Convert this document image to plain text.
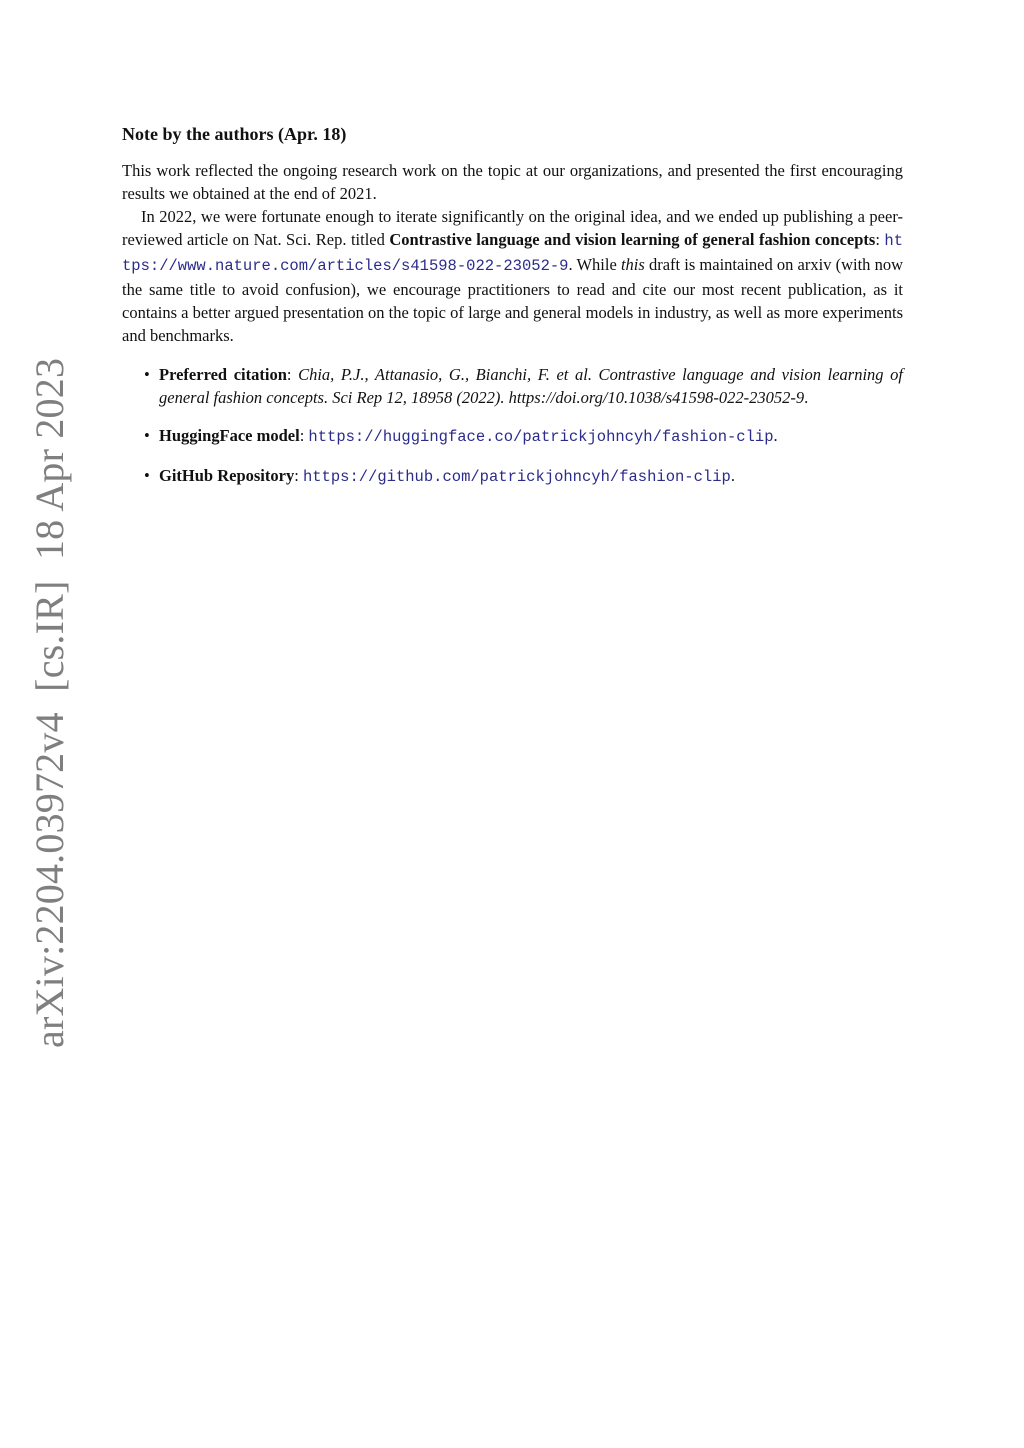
arXiv:2204.03972v4  [cs.IR]  18 Apr 2023
Note by the authors (Apr. 18)

This work reflected the ongoing research work on the topic at our organizations, and presented the first encouraging results we obtained at the end of 2021.

In 2022, we were fortunate enough to iterate significantly on the original idea, and we ended up publishing a peer-reviewed article on Nat. Sci. Rep. titled Contrastive language and vision learning of general fashion concepts: https://www.nature.com/articles/s41598-022-23052-9. While this draft is maintained on arxiv (with now the same title to avoid confusion), we encourage practitioners to read and cite our most recent publication, as it contains a better argued presentation on the topic of large and general models in industry, as well as more experiments and benchmarks.

• Preferred citation: Chia, P.J., Attanasio, G., Bianchi, F. et al. Contrastive language and vision learning of general fashion concepts. Sci Rep 12, 18958 (2022). https://doi.org/10.1038/s41598-022-23052-9.
• HuggingFace model: https://huggingface.co/patrickjohncyh/fashion-clip.
• GitHub Repository: https://github.com/patrickjohncyh/fashion-clip.
